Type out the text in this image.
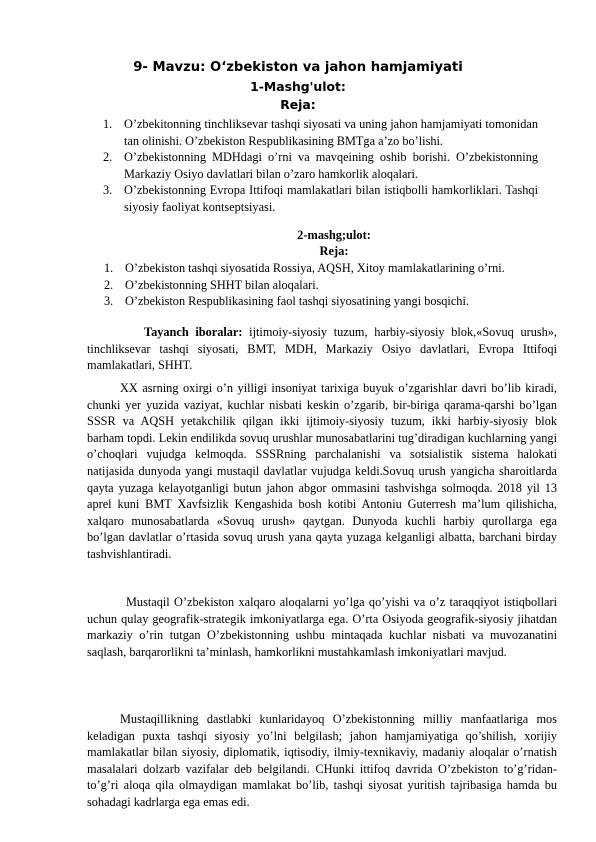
9- Mavzu: O‘zbekiston va jahon hamjamiyati
1-Mashg'ulot:
Reja:
1. O’zbekitonning tinchliksevar tashqi siyosati va uning jahon hamjamiyati tomonidan tan olinishi. O’zbekiston Respublikasining BMTga a’zo bo’lishi.
2. O’zbekistonning MDHdagi o’rni va mavqeining oshib borishi. O’zbekistonning Markaziy Osiyo davlatlari bilan o’zaro hamkorlik aloqalari.
3. O’zbekistonning Evropa Ittifoqi mamlakatlari bilan istiqbolli hamkorliklari. Tashqi siyosiy faoliyat kontseptsiyasi.
2-mashg;ulot:
Reja:
1. O’zbekiston tashqi siyosatida Rossiya, AQSH, Xitoy mamlakatlarining o’rni.
2. O’zbekistonning SHHT bilan aloqalari.
3. O’zbekiston Respublikasining faol tashqi siyosatining yangi bosqichi.

Tayanch iboralar: ijtimoiy-siyosiy tuzum, harbiy-siyosiy blok,«Sovuq urush», tinchliksevar tashqi siyosati, BMT, MDH, Markaziy Osiyo davlatlari, Evropa Ittifoqi mamlakatlari, SHHT.

XX asrning oxirgi o’n yilligi insoniyat tarixiga buyuk o’zgarishlar davri bo’lib kiradi, chunki yer yuzida vaziyat, kuchlar nisbati keskin o’zgarib, bir-biriga qarama-qarshi bo’lgan SSSR va AQSH yetakchilik qilgan ikki ijtimoiy-siyosiy tuzum, ikki harbiy-siyosiy blok barham topdi. Lekin endilikda sovuq urushlar munosabatlarini tug’diradigan kuchlarning yangi o’choqlari vujudga kelmoqda. SSSRning parchalanishi va sotsialistik sistema halokati natijasida dunyoda yangi mustaqil davlatlar vujudga keldi.Sovuq urush yangicha sharoitlarda qayta yuzaga kelayotganligi butun jahon abgor ommasini tashvishga solmoqda. 2018 yil 13 aprel kuni BMT Xavfsizlik Kengashida bosh kotibi Antoniu Guterresh ma’lum qilishicha, xalqaro munosabatlarda «Sovuq urush» qaytgan. Dunyoda kuchli harbiy qurollarga ega bo’lgan davlatlar o’rtasida sovuq urush yana qayta yuzaga kelganligi albatta, barchani birday tashvishlantiradi.

Mustaqil O’zbekiston xalqaro aloqalarni yo’lga qo’yishi va o’z taraqqiyot istiqbollari uchun qulay geografik-strategik imkoniyatlarga ega. O’rta Osiyoda geografik-siyosiy jihatdan markaziy o’rin tutgan O’zbekistonning ushbu mintaqada kuchlar nisbati va muvozanatini saqlash, barqarorlikni ta’minlash, hamkorlikni mustahkamlash imkoniyatlari mavjud.

Mustaqillikning dastlabki kunlaridayoq O’zbekistonning milliy manfaatlariga mos keladigan puxta tashqi siyosiy yo’lni belgilash; jahon hamjamiyatiga qo’shilish, xorijiy mamlakatlar bilan siyosiy, diplomatik, iqtisodiy, ilmiy-texnikaviy, madaniy aloqalar o’rnatish masalalari dolzarb vazifalar deb belgilandi. CHunki ittifoq davrida O’zbekiston to’g’ridan-to’g’ri aloqa qila olmaydigan mamlakat bo’lib, tashqi siyosat yuritish tajribasiga hamda bu sohadagi kadrlarga ega emas edi.
